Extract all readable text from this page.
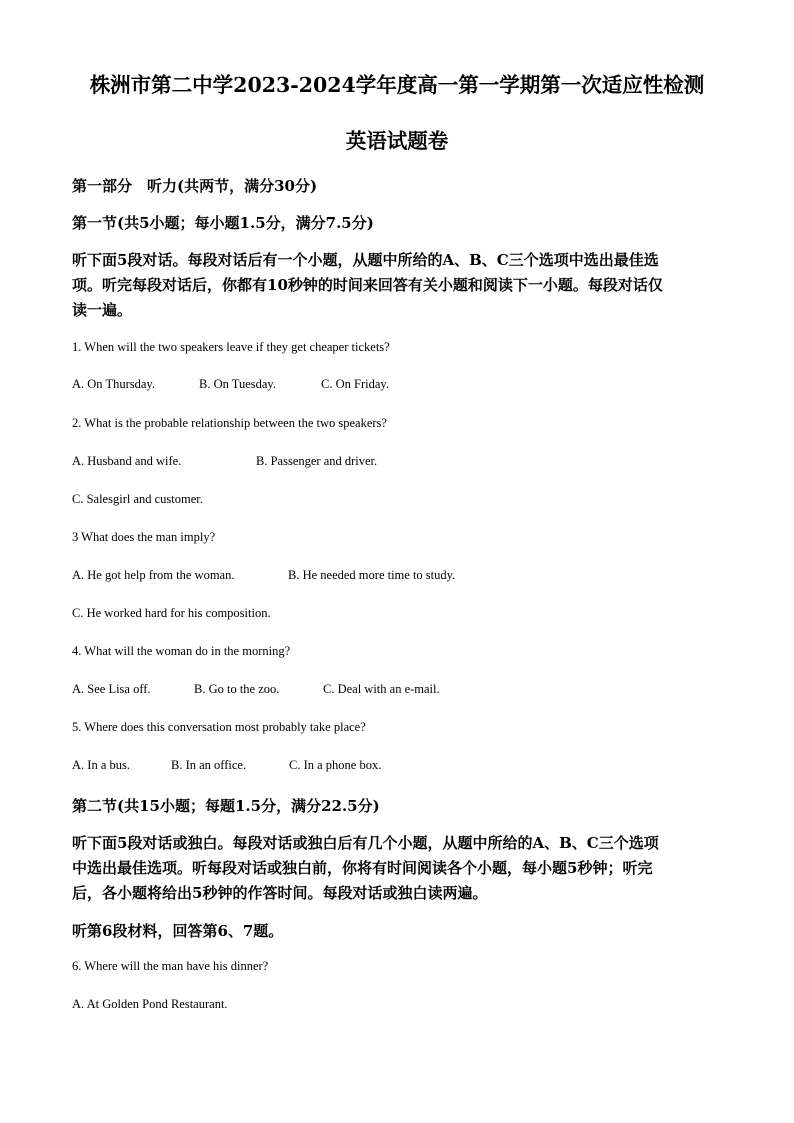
株洲市第二中学2023-2024学年度高一第一学期第一次适应性检测
英语试题卷
第一部分　听力(共两节，满分30分)
第一节(共5小题；每小题1.5分，满分7.5分)
听下面5段对话。每段对话后有一个小题，从题中所给的A、B、C三个选项中选出最佳选
项。听完每段对话后，你都有10秒钟的时间来回答有关小题和阅读下一小题。每段对话仅
读一遍。
1. When will the two speakers leave if they get cheaper tickets?
A. On Thursday.	B. On Tuesday.	C. On Friday.
2. What is the probable relationship between the two speakers?
A. Husband and wife.	B. Passenger and driver.
C. Salesgirl and customer.
3 What does the man imply?
A. He got help from the woman.	B. He needed more time to study.
C. He worked hard for his composition.
4. What will the woman do in the morning?
A. See Lisa off.	B. Go to the zoo.	C. Deal with an e-mail.
5. Where does this conversation most probably take place?
A. In a bus.	B. In an office.	C. In a phone box.
第二节(共15小题；每题1.5分，满分22.5分)
听下面5段对话或独白。每段对话或独白后有几个小题，从题中所给的A、B、C三个选项
中选出最佳选项。听每段对话或独白前，你将有时间阅读各个小题，每小题5秒钟；听完
后，各小题将给出5秒钟的作答时间。每段对话或独白读两遍。
听第6段材料，回答第6、7题。
6. Where will the man have his dinner?
A. At Golden Pond Restaurant.
